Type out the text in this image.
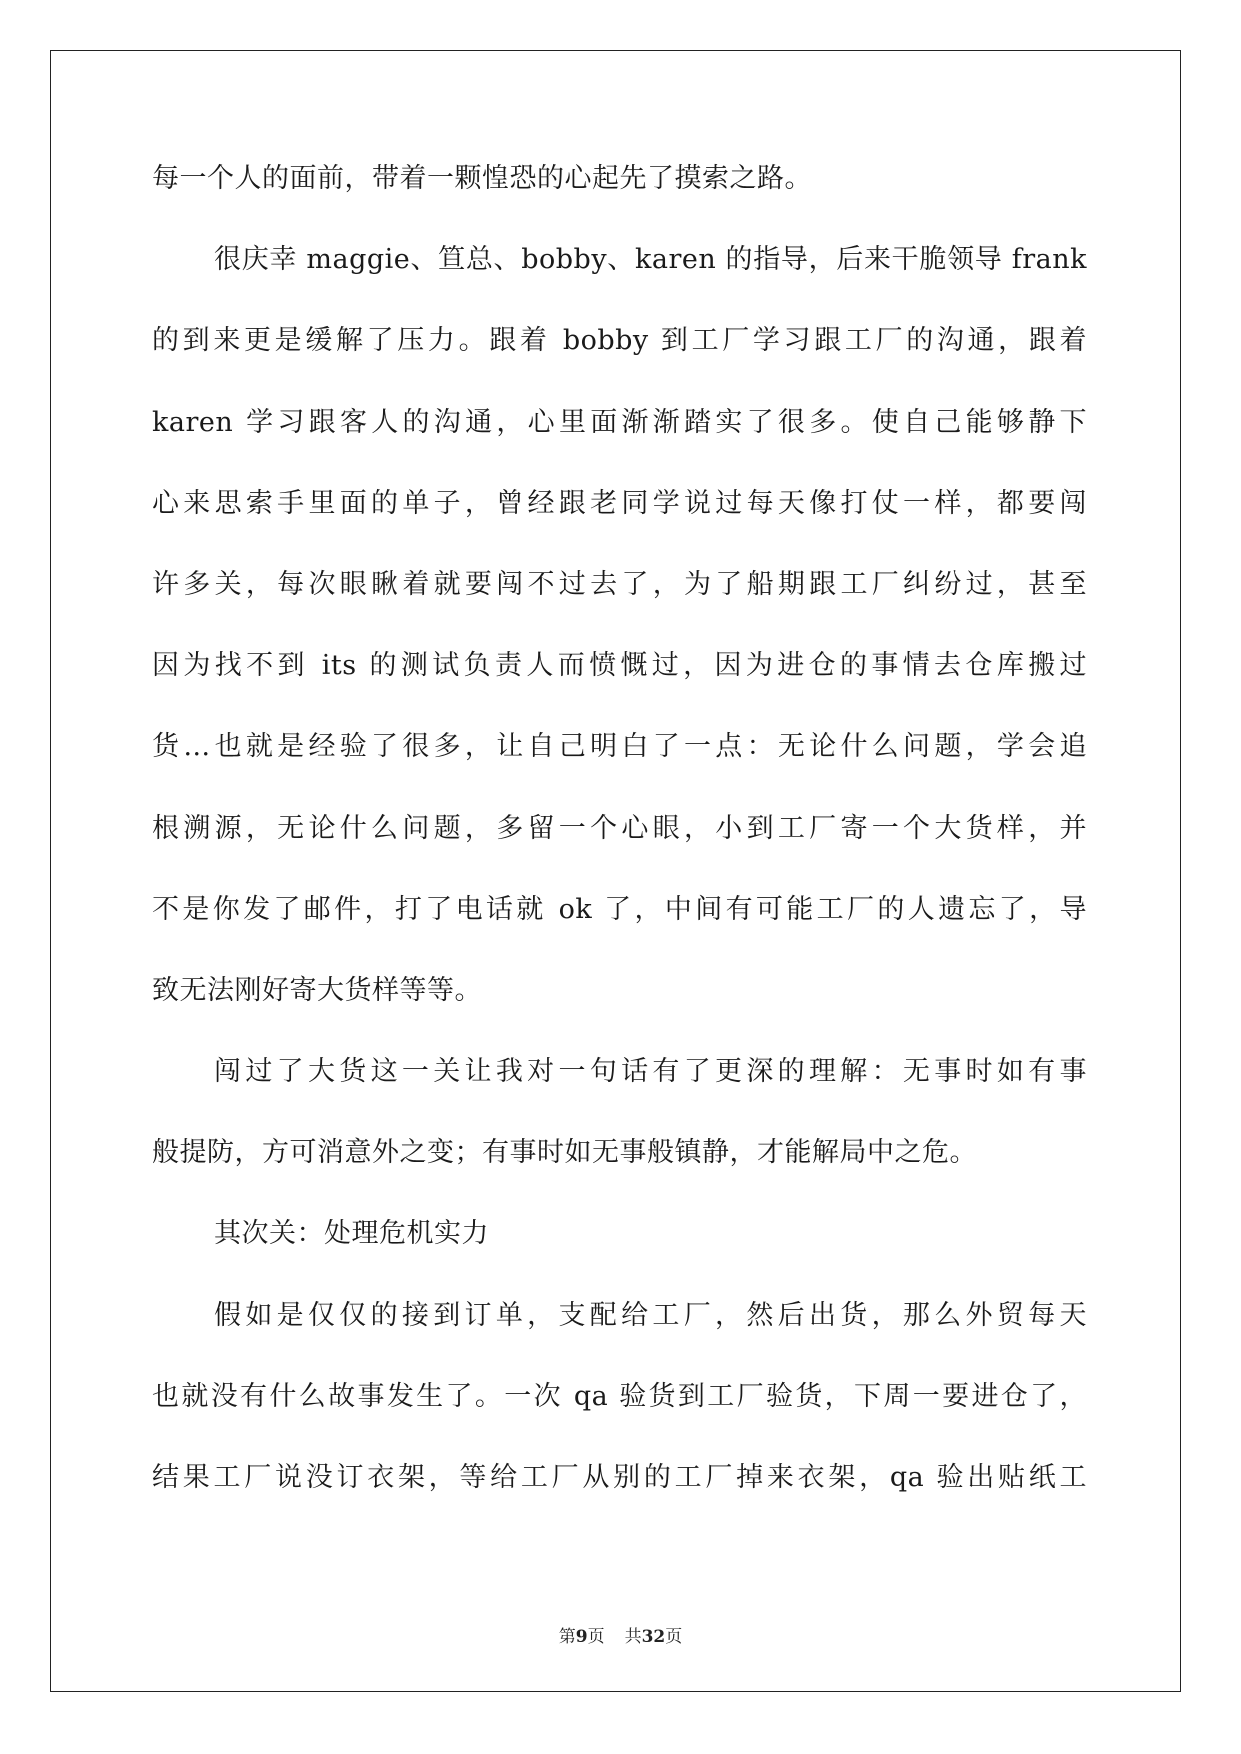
每一个人的面前，带着一颗惶恐的心起先了摸索之路。
很庆幸 maggie、笪总、bobby、karen 的指导，后来干脆领导 frank
的到来更是缓解了压力。跟着 bobby 到工厂学习跟工厂的沟通，跟着
karen 学习跟客人的沟通，心里面渐渐踏实了很多。使自己能够静下
心来思索手里面的单子，曾经跟老同学说过每天像打仗一样，都要闯
许多关，每次眼瞅着就要闯不过去了，为了船期跟工厂纠纷过，甚至
因为找不到 its 的测试负责人而愤慨过，因为进仓的事情去仓库搬过
货…也就是经验了很多，让自己明白了一点：无论什么问题，学会追
根溯源，无论什么问题，多留一个心眼，小到工厂寄一个大货样，并
不是你发了邮件，打了电话就 ok 了，中间有可能工厂的人遗忘了，导
致无法刚好寄大货样等等。
闯过了大货这一关让我对一句话有了更深的理解：无事时如有事
般提防，方可消意外之变；有事时如无事般镇静，才能解局中之危。
其次关：处理危机实力
假如是仅仅的接到订单，支配给工厂，然后出货，那么外贸每天
也就没有什么故事发生了。一次 qa 验货到工厂验货，下周一要进仓了，
结果工厂说没订衣架，等给工厂从别的工厂掉来衣架，qa 验出贴纸工
第9页 共32页
